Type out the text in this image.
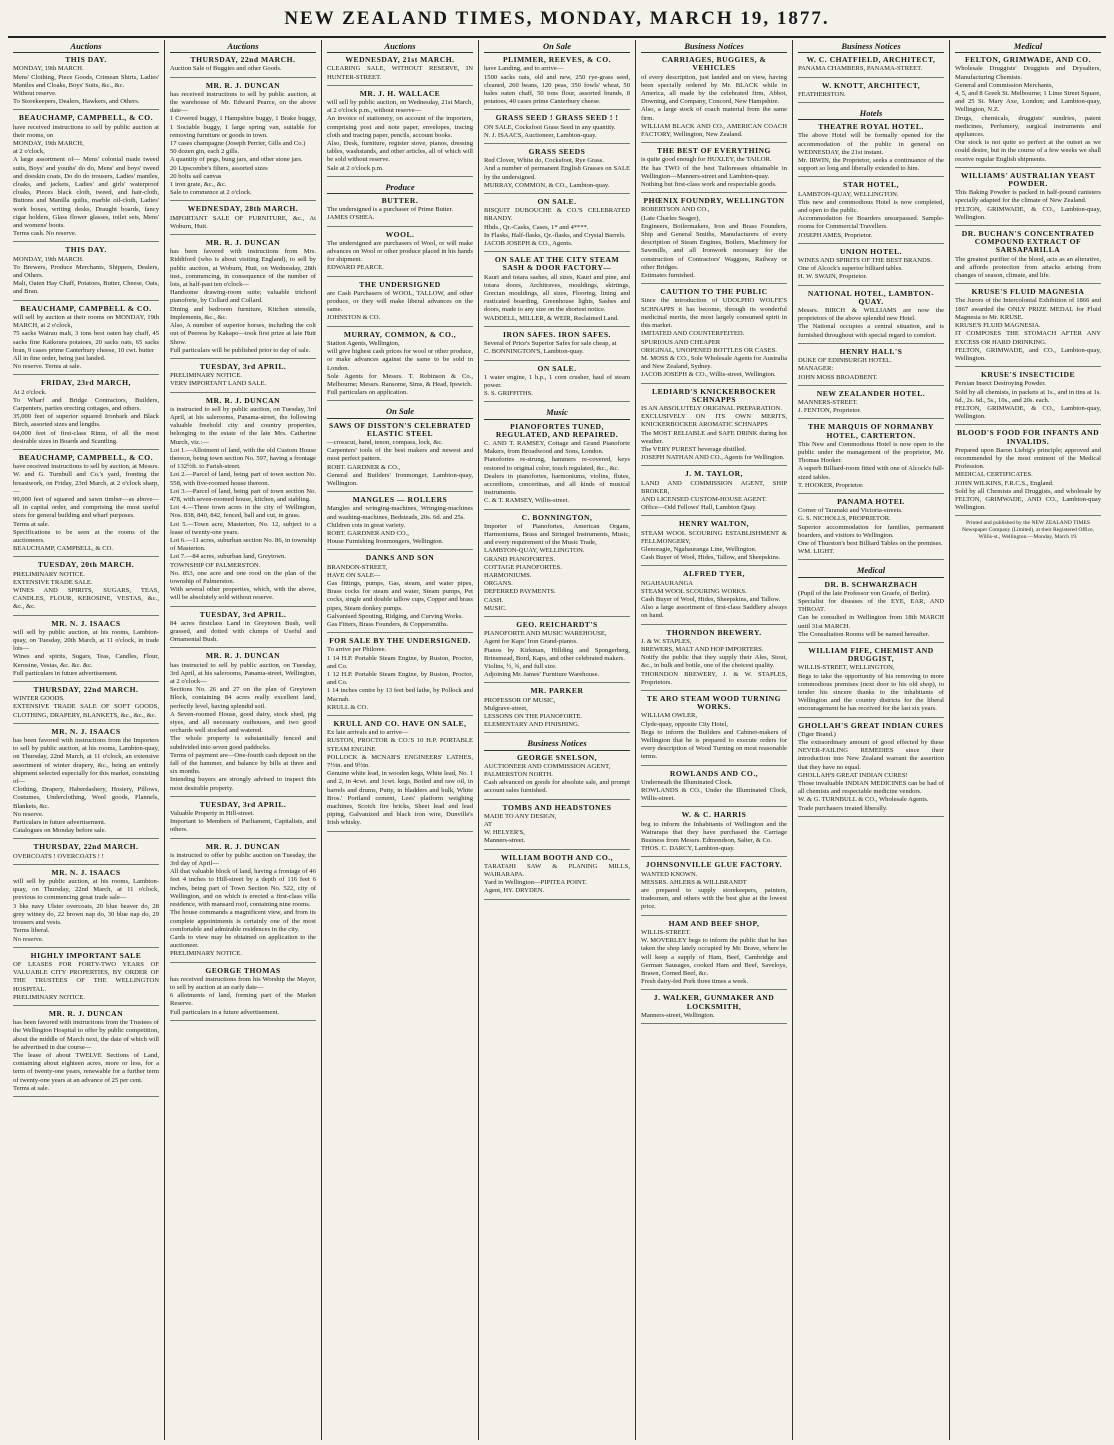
NEW ZEALAND TIMES, MONDAY, MARCH 19, 1877.
Auctions
THIS DAY.
MONDAY, 19th MARCH.
Mens' Clothing, Piece Goods, Crimean Shirts, Ladies' Mantles and Cloaks, Boys' Suits, &c., &c.
Without reserve.
To Storekeepers, Dealers, Hawkers, and Others.
BEAUCHAMP, CAMPBELL, & CO.
have received instructions to sell by public auction at their rooms, on
MONDAY, 19th MARCH,
at 2 o'clock,
A large assortment of— Mens' colonial made tweed suits, Boys' and youths' do do, Mens' and boys' tweed and doeskin coats, Do do do trousers, Ladies' mantles, cloaks, and jackets, Ladies' and girls' waterproof cloaks, Pieces black cloth, tweed, and hair-cloth, Buttons and Manilla quilts, marble oil-cloth, Ladies' work boxes, writing desks, Draught boards, fancy cigar holders, Glass flower glasses, toilet sets, Mens' and womens' boots.
Terms cash. No reserve.
THIS DAY.
MONDAY, 19th MARCH.
To Brewers, Produce Merchants, Shippers, Dealers, and Others.
Malt, Oaten Hay Chaff, Potatoes, Butter, Cheese, Oats, and Bran.
BEAUCHAMP, CAMPBELL & CO.
will sell by auction at their rooms on MONDAY, 19th MARCH, at 2 o'clock,
75 sacks Wairau malt, 3 tons best oaten hay chaff, 45 sacks fine Kaikoura potatoes, 20 sacks oats, 65 sacks bran, 9 cases prime Canterbury cheese, 10 cwt. butter
All in fine order, being just landed.
No reserve. Terms at sale.
FRIDAY, 23rd MARCH,
At 2 o'clock.
To Wharf and Bridge Contractors, Builders, Carpenters, parties erecting cottages, and others.
35,000 feet of superior squared Ironbark and Black Birch, assorted sizes and lengths.
64,000 feet of first-class Rimu, of all the most desirable sizes in Boards and Scantling.
BEAUCHAMP, CAMPBELL, & CO.
have received instructions to sell by auction, at Messrs. W. and G. Turnbull and Co.'s yard, fronting the breastwork, on Friday, 23rd March, at 2 o'clock sharp,—
99,000 feet of squared and sawn timber—as above—all in capital order, and comprising the most useful sizes for general building and wharf purposes.
Terms at sale.
Specifications to be seen at the rooms of the auctioneers.
BEAUCHAMP, CAMPBELL, & CO.
TUESDAY, 20th MARCH.
PRELIMINARY NOTICE.
EXTENSIVE TRADE SALE.
WINES AND SPIRITS, SUGARS, TEAS, CANDLES, FLOUR, KEROSINE, VESTAS, &c., &c., &c.
MR. N. J. ISAACS
will sell by public auction, at his rooms, Lambton-quay, on Tuesday, 20th March, at 11 o'clock, in trade lots—
Wines and spirits, Sugars, Teas, Candles, Flour, Kerosine, Vestas, &c. &c. &c.
Full particulars in future advertisement.
THURSDAY, 22nd MARCH.
WINTER GOODS.
EXTENSIVE TRADE SALE OF SOFT GOODS, CLOTHING, DRAPERY, BLANKETS, &c., &c., &c.
MR. N. J. ISAACS
has been favored with instructions from the Importers to sell by public auction, at his rooms, Lambton-quay, on Thursday, 22nd March, at 11 o'clock, an extensive assortment of winter drapery, &c., being an entirely shipment selected especially for this market, consisting of—
Clothing, Drapery, Haberdashery, Hosiery, Pillows, Costumes, Underclothing, Wool goods, Flannels, Blankets, &c.
No reserve.
Particulars in future advertisement.
Catalogues on Monday before sale.
THURSDAY, 22nd MARCH.
OVERCOATS ! OVERCOATS ! !
MR. N. J. ISAACS
will sell by public auction, at his rooms, Lambton-quay, on Thursday, 22nd March, at 11 o'clock, previous to commencing great trade sale—
3 bks navy Ulster overcoats, 20 blue beaver do, 28 grey witney do, 22 brown nap do, 30 blue nap do, 29 trousers and vests.
Terms liberal.
No reserve.
HIGHLY IMPORTANT SALE
OF LEASES FOR FORTY-TWO YEARS OF VALUABLE CITY PROPERTIES, BY ORDER OF THE TRUSTEES OF THE WELLINGTON HOSPITAL.
PRELIMINARY NOTICE.
MR. R. J. DUNCAN
has been favored with instructions from the Trustees of the Wellington Hospital to offer by public competition, about the middle of March next, the date of which will be advertised in due course—
The lease of about TWELVE Sections of Land, containing about eighteen acres, more or less, for a term of twenty-one years, renewable for a further term of twenty-one years at an advance of 25 per cent.
Terms at sale.
Auctions
THURSDAY, 22nd MARCH.
Auction Sale of Buggies and other Goods.
MR. R. J. DUNCAN
has received instructions to sell by public auction, at the warehouse of Mr. Edward Pearce, on the above date—
1 Covered buggy, 1 Hampshire buggy, 1 Brake buggy, 1 Sociable buggy, 1 large spring van, suitable for removing furniture or goods in town.
17 cases champagne (Joseph Perrier, Gills and Co.)
50 dozen gin, each 2 gills.
A quantity of pegs, bung jars, and other stone jars.
20 Lipscombe's filters, assorted sizes
20 bolts sail canvas
1 iron grate, &c., &c.
Sale to commence at 2 o'clock.
WEDNESDAY, 28th MARCH.
IMPORTANT SALE OF FURNITURE, &c., At Woburn, Hutt.
MR. R. J. DUNCAN
has been favored with instructions from Mrs. Riddiford (who is about visiting England), to sell by public auction, at Woburn, Hutt, on Wednesday, 28th inst., commencing, in consequence of the number of lots, at half-past ten o'clock—
Handsome drawing-room suite; valuable trichord pianoforte, by Collard and Collard.
Dining and bedroom furniture, Kitchen utensils, Implements, &c., &c.
Also, A number of superior horses, including the colt out of Peeress by Kakapo—took first prize at late Hutt Show.
Full particulars will be published prior to day of sale.
TUESDAY, 3rd APRIL.
PRELIMINARY NOTICE.
VERY IMPORTANT LAND SALE.
MR. R. J. DUNCAN
is instructed to sell by public auction, on Tuesday, 3rd April, at his salerooms, Panama-street, the following valuable freehold city and country properties, belonging to the estate of the late Mrs. Catherine Murch, viz.:—
Lot 1.—Allotment of land, with the old Custom House thereon, being town section No. 597, having a frontage of 132½ft. to Farish-street.
Lot 2.—Parcel of land, being part of town section No. 558, with five-roomed house thereon.
Lot 3.—Parcel of land, being part of town section No. 478, with seven-roomed house, kitchen, and stabling.
Lot 4.—Three town acres in the city of Wellington, Nos. 838, 840, 842, fenced, ball and cut, in grass.
Lot 5.—Town acre, Masterton, No. 12, subject to a lease of twenty-one years.
Lot 6.—11 acres, suburban section No. 86, in township of Masterton.
Lot 7.—84 acres, suburban land, Greytown.
TOWNSHIP OF PALMERSTON.
No. 853, one acre and one rood on the plan of the township of Palmerston.
With several other properties, which, with the above, will be absolutely sold without reserve.
TUESDAY, 3rd APRIL.
84 acres firstclass Land in Greytown Bush, well grassed, and dotted with clumps of Useful and Ornamental Bush.
MR. R. J. DUNCAN
has instructed to sell by public auction, on Tuesday, 3rd April, at his salerooms, Panama-street, Wellington, at 2 o'clock—
Sections No. 26 and 27 on the plan of Greytown Block, containing 84 acres really excellent land, perfectly level, having splendid soil.
A Seven-roomed House, good dairy, stock shed, pig styes, and all necessary outhouses, and two good orchards well stocked and watered.
The whole property is substantially fenced and subdivided into seven good paddocks.
Terms of payment are—One-fourth cash deposit on the fall of the hammer, and balance by bills at three and six months.
Intending buyers are strongly advised to inspect this most desirable property.
TUESDAY, 3rd APRIL.
Valuable Property in Hill-street.
Important to Members of Parliament, Capitalists, and others.
MR. R. J. DUNCAN
is instructed to offer by public auction on Tuesday, the 3rd day of April—
All that valuable block of land, having a frontage of 46 feet 4 inches to Hill-street by a depth of 116 feet 6 inches, being part of Town Section No. 522, city of Wellington, and on which is erected a first-class villa residence, with mansard roof, containing nine rooms.
The house commands a magnificent view, and from its complete appointments is certainly one of the most comfortable and admirable residences in the city.
Cards to view may be obtained on application to the auctioneer.
PRELIMINARY NOTICE.
GEORGE THOMAS
has received instructions from his Worship the Mayor, to sell by auction at an early date—
6 allotments of land, forming part of the Market Reserve.
Full particulars in a future advertisement.
Auctions
WEDNESDAY, 21st MARCH.
CLEARING SALE, WITHOUT RESERVE, IN HUNTER-STREET.
MR. J. H. WALLACE
will sell by public auction, on Wednesday, 21st March, at 2 o'clock p.m., without reserve—
An invoice of stationery, on account of the importers, comprising post and note paper, envelopes, tracing cloth and tracing paper, pencils, account books.
Also, Desk, furniture, register stove, pianos, dressing tables, washstands, and other articles, all of which will be sold without reserve.
Sale at 2 o'clock p.m.
Produce
BUTTER.
The undersigned is a purchaser of Prime Butter.
JAMES O'SHEA.
WOOL.
The undersigned are purchasers of Wool, or will make advances on Wool or other produce placed in his hands for shipment.
EDWARD PEARCE.
THE UNDERSIGNED
are Cash Purchasers of WOOL, TALLOW, and other produce, or they will make liberal advances on the same.
JOHNSTON & CO.
MURRAY, COMMON, & CO.,
Station Agents, Wellington,
will give highest cash prices for wool or other produce, or make advances against the same to be sold in London.
Sole Agents for Messrs. T. Robinson & Co., Melbourne; Messrs. Ransome, Sims, & Head, Ipswich.
Full particulars on application.
On Sale
SAWS OF DISSTON'S CELEBRATED ELASTIC STEEL
—crosscut, hand, tenon, compass, lock, &c.
Carpenters' tools of the best makers and newest and most perfect pattern.
ROBT. GARDNER & CO.,
General and Builders' Ironmonger, Lambton-quay, Wellington.
MANGLES — ROLLERS
Mangles and wringing-machines, Wringing-machines and washing-machines, Bedsteads, 20s. 6d. and 25s.
Children cots in great variety.
ROBT. GARDNER AND CO.,
House Furnishing Ironmongers, Wellington.
DANKS AND SON
BRANDON-STREET,
HAVE ON SALE—
Gas fittings, pumps, Gas, steam, and water pipes, Brass cocks for steam and water, Steam pumps, Pet cocks, single and double tallow cups, Copper and brass pipes, Steam donkey pumps.
Galvanised Spouting, Ridging, and Curving Works.
Gas Fitters, Brass Founders, & Coppersmiths.
FOR SALE BY THE UNDERSIGNED.
To arrive per Philoree.
1 14 H.P. Portable Steam Engine, by Ruston, Proctor, and Co.
1 12 H.P. Portable Steam Engine, by Ruston, Proctor, and Co.
1 14 inches centre by 13 feet bed lathe, by Pollock and Macnab.
KRULL & CO.
KRULL AND CO. HAVE ON SALE,
Ex late arrivals and to arrive—
RUSTON, PROCTOR & CO.'S 10 H.P. PORTABLE STEAM ENGINE
POLLOCK & MCNAB'S ENGINEERS' LATHES, 7½in. and 9½in.
Genuine white lead, in wooden kegs, White lead, No. 1 and 2, in 4cwt. and 1cwt. kegs, Boiled and raw oil, in barrels and drums, Putty, in bladders and bulk, White Bros.' Portland cement, Lees' platform weighing machines, Scotch fire bricks, Sheet lead and lead piping, Galvanized and black iron wire, Dunville's Irish whisky.
On Sale
PLIMMER, REEVES, & CO.
have Landing, and to arrive—
1500 sacks oats, old and new, 250 rye-grass seed, cleaned, 260 beans, 120 peas, 350 fowls' wheat, 50 bales oaten chaff, 50 tons flour, assorted brands, 8 potatoes, 40 cases prime Canterbury cheese.
GRASS SEED ! GRASS SEED ! !
ON SALE, Cocksfoot Grass Seed in any quantity.
N. J. ISAACS, Auctioneer, Lambton-quay.
GRASS SEEDS
Red Clover, White do, Cocksfoot, Rye Grass.
And a number of permanent English Grasses on SALE by the undersigned.
MURRAY, COMMON, & CO., Lambton-quay.
ON SALE.
BISQUIT DUBOUCHE & CO.'S CELEBRATED BRANDY.
Hhds., Qr.-Casks, Cases, 1* and 4****.
In Flasks, Half-flasks, Qr.-flasks, and Crystal Barrels.
JACOB JOSEPH & CO., Agents.
ON SALE AT THE CITY STEAM SASH & DOOR FACTORY—
Kauri and totara sashes, all sizes, Kauri and pine, and totara doors, Architraves, mouldings, skirtings, Grecian mouldings, all sizes, Flooring, lining and rusticated boarding, Greenhouse lights, Sashes and doors, made to any size on the shortest notice.
WADDELL, MILLER, & WEIR, Reclaimed Land.
IRON SAFES. IRON SAFES.
Several of Price's Superior Safes for sale cheap, at
C. BONNINGTON'S, Lambton-quay.
ON SALE.
1 water engine, 1 h.p., 1 corn crusher, haul of steam power.
S. S. GRIFFITHS.
Music
PIANOFORTES TUNED, REGULATED, AND REPAIRED.
C. AND T. RAMSEY, Cottage and Grand Pianoforte Makers, from Broadwood and Sons, London.
Pianofortes re-strung, hammers re-covered, keys restored to original color, touch regulated, &c., &c.
Dealers in pianofortes, harmoniums, violins, flutes, accordions, concertinas, and all kinds of musical instruments.
C. & T. RAMSEY, Willis-street.
C. BONNINGTON,
Importer of Pianofortes, American Organs, Harmoniums, Brass and Stringed Instruments, Music, and every requirement of the Music Trade,
LAMBTON-QUAY, WELLINGTON.
GRAND PIANOFORTES.
COTTAGE PIANOFORTES.
HARMONIUMS.
ORGANS.
DEFERRED PAYMENTS.
CASH.
MUSIC.
GEO. REICHARDT'S
PIANOFORTE AND MUSIC WAREHOUSE,
Agent for Kaps' Iron Grand-pianos.
Pianos by Kirkman, Hillding and Spongerberg, Brinsmead, Bord, Kaps, and other celebrated makers.
Violins, ½, ¾, and full size.
Adjoining Mr. James' Furniture Warehouse.
MR. PARKER
PROFESSOR OF MUSIC,
Mulgrave-street,
LESSONS ON THE PIANOFORTE.
ELEMENTARY AND FINISHING.
Business Notices
GEORGE SNELSON,
AUCTIONEER AND COMMISSION AGENT,
PALMERSTON NORTH.
Cash advanced on goods for absolute sale, and prompt account sales furnished.
TOMBS AND HEADSTONES
MADE TO ANY DESIGN,
AT
W. HELYER'S,
Manners-street.
WILLIAM BOOTH AND CO.,
TARATAHI SAW & PLANING MILLS, WAIRARAPA.
Yard in Wellington—PIPITEA POINT.
Agent, HY. DRYDEN.
Business Notices
CARRIAGES, BUGGIES, & VEHICLES
of every description, just landed and on view, having been specially ordered by Mr. BLACK while in America, all made by the celebrated firm, Abbot, Downing, and Company, Concord, New Hampshire.
Also, a large stock of coach material from the same firm.
WILLIAM BLACK AND CO., AMERICAN COACH FACTORY, Wellington, New Zealand.
THE BEST OF EVERYTHING
is quite good enough for HUXLEY, the TAILOR.
He has TWO of the best Tailoresses obtainable in Wellington—Manners-street and Lambton-quay.
Nothing but first-class work and respectable goods.
PHŒNIX FOUNDRY, WELLINGTON
ROBERTSON AND CO.,
(Late Charles Seager),
Engineers, Boilermakers, Iron and Brass Founders, Ship and General Smiths, Manufacturers of every description of Steam Engines, Boilers, Machinery for Sawmills, and all Ironwork necessary for the construction of Contractors' Waggons, Railway or other Bridges.
Estimates furnished.
CAUTION TO THE PUBLIC
Since the introduction of UDOLPHO WOLFE'S SCHNAPPS it has become, through its wonderful medicinal merits, the most largely consumed spirit in this market.
IMITATED AND COUNTERFEITED.
SPURIOUS AND CHEAPER
ORIGINAL, UNOPENED BOTTLES OR CASES.
M. MOSS & CO., Sole Wholesale Agents for Australia and New Zealand, Sydney.
JACOB JOSEPH & CO., Willis-street, Wellington.
LEDIARD'S KNICKERBOCKER SCHNAPPS
IS AN ABSOLUTELY ORIGINAL PREPARATION.
EXCLUSIVELY ON ITS OWN MERITS, KNICKERBOCKER AROMATIC SCHNAPPS
The MOST RELIABLE and SAFE DRINK during hot weather.
The VERY PUREST beverage distilled.
JOSEPH NATHAN AND CO., Agents for Wellington.
J. M. TAYLOR,
LAND AND COMMISSION AGENT, SHIP BROKER,
AND LICENSED CUSTOM-HOUSE AGENT.
Office—Odd Fellows' Hall, Lambton Quay.
HENRY WALTON,
STEAM WOOL SCOURING ESTABLISHMENT & FELLMONGERY,
Glenoragie, Ngahauranga Line, Wellington.
Cash Buyer of Wool, Hides, Tallow, and Sheepskins.
ALFRED TYER,
NGAHAURANGA
STEAM WOOL SCOURING WORKS.
Cash Buyer of Wool, Hides, Sheepskins, and Tallow.
Also a large assortment of first-class Saddlery always on hand.
THORNDON BREWERY.
J. & W. STAPLES,
BREWERS, MALT AND HOP IMPORTERS.
Notify the public that they supply their Ales, Stout, &c., in bulk and bottle, one of the choicest quality.
THORNDON BREWERY, J. & W. STAPLES, Proprietors.
TE ARO STEAM WOOD TURNING WORKS.
WILLIAM OWLER,
Clyde-quay, opposite City Hotel,
Begs to inform the Builders and Cabinet-makers of Wellington that he is prepared to execute orders for every description of Wood Turning on most reasonable terms.
ROWLANDS AND CO.,
Underneath the Illuminated Clock.
ROWLANDS & CO., Under the Illuminated Clock, Willis-street.
W. & C. HARRIS
beg to inform the Inhabitants of Wellington and the Wairarapa that they have purchased the Carriage Business from Messrs. Edmondson, Salter, & Co.
THOS. C. DARCY, Lambton-quay.
JOHNSONVILLE GLUE FACTORY.
WANTED KNOWN.
MESSRS. AHLERS & WILLBRANDT
are prepared to supply storekeepers, painters, tradesmen, and others with the best glue at the lowest price.
HAM AND BEEF SHOP,
WILLIS-STREET.
W. MOVERLEY begs to inform the public that he has taken the shop lately occupied by Mr. Brave, where he will keep a supply of Ham, Beef, Cambridge and German Sausages, cooked Ham and Beef, Saveloys, Brawn, Corned Beef, &c.
Fresh dairy-fed Pork three times a week.
J. WALKER, GUNMAKER AND LOCKSMITH,
Manners-street, Wellington.
Business Notices
W. C. CHATFIELD, ARCHITECT,
PANAMA CHAMBERS, PANAMA-STREET.
W. KNOTT, ARCHITECT,
FEATHERSTON.
Hotels
THEATRE ROYAL HOTEL.
The above Hotel will be formally opened for the accommodation of the public in general on WEDNESDAY, the 21st instant.
Mr. IRWIN, the Proprietor, seeks a continuance of the support so long and liberally extended to him.
STAR HOTEL,
LAMBTON-QUAY, WELLINGTON.
This new and commodious Hotel is now completed, and open to the public.
Accommodation for Boarders unsurpassed. Sample-rooms for Commercial Travellers.
JOSEPH AMES, Proprietor.
UNION HOTEL.
WINES AND SPIRITS OF THE BEST BRANDS.
One of Alcock's superior billiard tables.
H. W. SWAIN, Proprietor.
NATIONAL HOTEL, LAMBTON-QUAY.
Messrs. BIRCH & WILLIAMS are now the proprietors of the above splendid new Hotel.
The National occupies a central situation, and is furnished throughout with special regard to comfort.
HENRY HALL'S
DUKE OF EDINBURGH HOTEL.
MANAGER:
JOHN MOSS BROADBENT.
NEW ZEALANDER HOTEL.
MANNERS-STREET.
J. FENTON, Proprietor.
THE MARQUIS OF NORMANBY HOTEL, CARTERTON.
This New and Commodious Hotel is now open to the public under the management of the proprietor, Mr. Thomas Hooker.
A superb Billiard-room fitted with one of Alcock's full-sized tables.
T. HOOKER, Proprietor.
PANAMA HOTEL
Corner of Taranaki and Victoria-streets.
G. S. NICHOLLS, PROPRIETOR.
Superior accommodation for families, permanent boarders, and visitors to Wellington.
One of Thurston's best Billiard Tables on the premises.
WM. LIGHT.
Medical
DR. B. SCHWARZBACH
(Pupil of the late Professor von Graefe, of Berlin).
Specialist for diseases of the EYE, EAR, AND THROAT.
Can be consulted in Wellington from 18th MARCH until 31st MARCH.
The Consultation Rooms will be named hereafter.
WILLIAM FIFE, CHEMIST AND DRUGGIST,
WILLIS-STREET, WELLINGTON,
Begs to take the opportunity of his removing to more commodious premises (next door to his old shop), to tender his sincere thanks to the inhabitants of Wellington and the country districts for the liberal encouragement he has received for the last six years.
GHOLLAH'S GREAT INDIAN CURES
(Tiger Brand.)
The extraordinary amount of good effected by these NEVER-FAILING REMEDIES since their introduction into New Zealand warrant the assertion that they have no equal.
GHOLLAH'S GREAT INDIAN CURES!
Those invaluable INDIAN MEDICINES can be had of all chemists and respectable medicine vendors.
W. & G. TURNBULL & CO., Wholesale Agents.
Trade purchasers treated liberally.
Medical
FELTON, GRIMWADE, AND CO.
Wholesale Druggists' Druggists and Drysalters, Manufacturing Chemists.
General and Commission Merchants,
4, 5, and 8 Greek St. Melbourne; 1 Lime Street Square, and 25 St. Mary Axe, London; and Lambton-quay, Wellington, N.Z.
Drugs, chemicals, druggists' sundries, patent medicines, Perfumery, surgical instruments and appliances.
Our stock is not quite so perfect at the outset as we could desire, but in the course of a few weeks we shall receive regular English shipments.
WILLIAMS' AUSTRALIAN YEAST POWDER.
This Baking Powder is packed in half-pound canisters specially adapted for the climate of New Zealand.
FELTON, GRIMWADE, & CO., Lambton-quay, Wellington.
DR. BUCHAN'S CONCENTRATED COMPOUND EXTRACT OF SARSAPARILLA
The greatest purifier of the blood, acts as an alterative, and affords protection from attacks arising from changes of season, climate, and life.
KRUSE'S FLUID MAGNESIA
The Jurors of the Intercolonial Exhibition of 1866 and 1867 awarded the ONLY PRIZE MEDAL for Fluid Magnesia to Mr. KRUSE.
KRUSE'S FLUID MAGNESIA.
IT COMPOSES THE STOMACH AFTER ANY EXCESS OR HARD DRINKING.
FELTON, GRIMWADE, and CO., Lambton-quay, Wellington.
KRUSE'S INSECTICIDE
Persian Insect Destroying Powder.
Sold by all chemists, in packets at 1s., and in tins at 1s. 6d., 2s. 6d., 5s., 10s., and 20s. each.
FELTON, GRIMWADE, & CO., Lambton-quay, Wellington.
BLOOD'S FOOD FOR INFANTS AND INVALIDS.
Prepared upon Baron Liebig's principle; approved and recommended by the most eminent of the Medical Profession.
MEDICAL CERTIFICATES.
JOHN WILKINS, F.R.C.S., England.
Sold by all Chemists and Druggists, and wholesale by FELTON, GRIMWADE, AND CO., Lambton-quay Wellington.
Printed and published by the NEW ZEALAND TIMES Newspaper Company (Limited), at their Registered Office, Willis-st., Wellington.—Monday, March 19.
